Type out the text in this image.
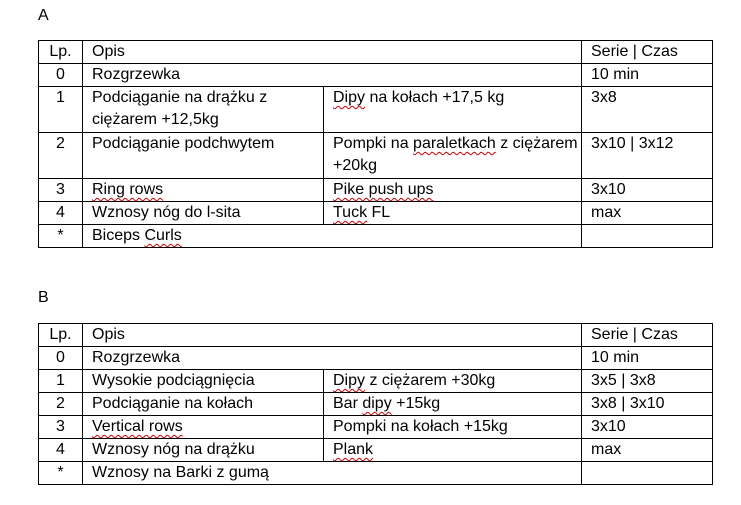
A
Lp.	Opis		Serie | Czas
0	Rozgrzewka		10 min
1	Podciąganie na drążku z ciężarem +12,5kg	Dipy na kołach +17,5 kg	3x8
2	Podciąganie podchwytem	Pompki na paraletkach z ciężarem +20kg	3x10 | 3x12
3	Ring rows	Pike push ups	3x10
4	Wznosy nóg do l-sita	Tuck FL	max
*	Biceps Curls		
B
Lp.	Opis		Serie | Czas
0	Rozgrzewka		10 min
1	Wysokie podciągnięcia	Dipy z ciężarem +30kg	3x5 | 3x8
2	Podciąganie na kołach	Bar dipy +15kg	3x8 | 3x10
3	Vertical rows	Pompki na kołach +15kg	3x10
4	Wznosy nóg na drążku	Plank	max
*	Wznosy na Barki z gumą		
